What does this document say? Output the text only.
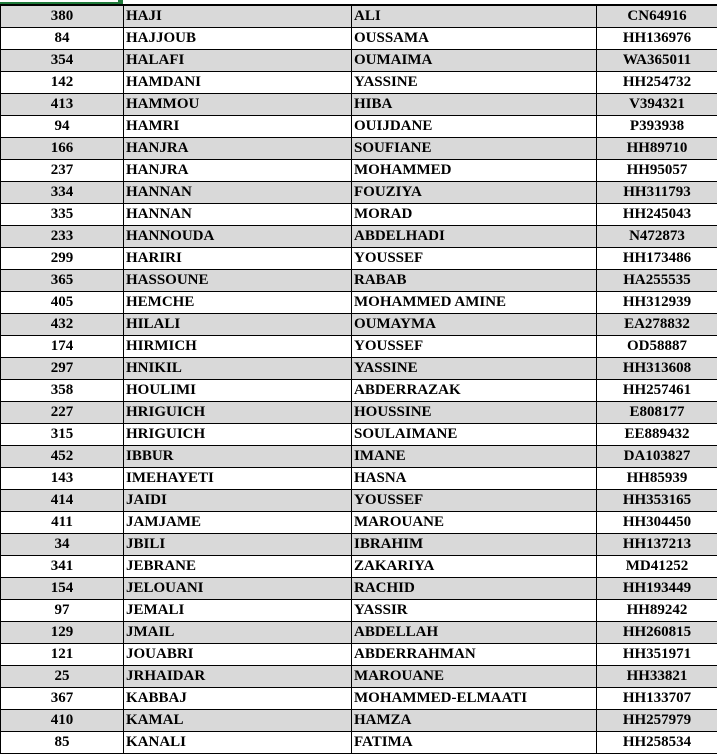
380	HAJI	ALI	CN64916
84	HAJJOUB	OUSSAMA	HH136976
354	HALAFI	OUMAIMA	WA365011
142	HAMDANI	YASSINE	HH254732
413	HAMMOU	HIBA	V394321
94	HAMRI	OUIJDANE	P393938
166	HANJRA	SOUFIANE	HH89710
237	HANJRA	MOHAMMED	HH95057
334	HANNAN	FOUZIYA	HH311793
335	HANNAN	MORAD	HH245043
233	HANNOUDA	ABDELHADI	N472873
299	HARIRI	YOUSSEF	HH173486
365	HASSOUNE	RABAB	HA255535
405	HEMCHE	MOHAMMED AMINE	HH312939
432	HILALI	OUMAYMA	EA278832
174	HIRMICH	YOUSSEF	OD58887
297	HNIKIL	YASSINE	HH313608
358	HOULIMI	ABDERRAZAK	HH257461
227	HRIGUICH	HOUSSINE	E808177
315	HRIGUICH	SOULAIMANE	EE889432
452	IBBUR	IMANE	DA103827
143	IMEHAYETI	HASNA	HH85939
414	JAIDI	YOUSSEF	HH353165
411	JAMJAME	MAROUANE	HH304450
34	JBILI	IBRAHIM	HH137213
341	JEBRANE	ZAKARIYA	MD41252
154	JELOUANI	RACHID	HH193449
97	JEMALI	YASSIR	HH89242
129	JMAIL	ABDELLAH	HH260815
121	JOUABRI	ABDERRAHMAN	HH351971
25	JRHAIDAR	MAROUANE	HH33821
367	KABBAJ	MOHAMMED-ELMAATI	HH133707
410	KAMAL	HAMZA	HH257979
85	KANALI	FATIMA	HH258534
